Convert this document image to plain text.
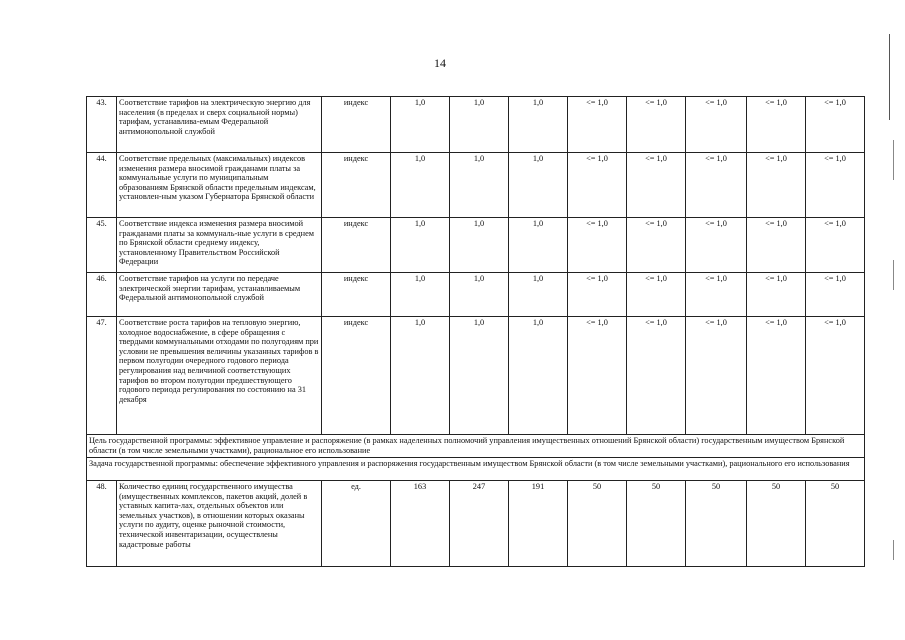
14
43.	Соответствие тарифов на электрическую энергию для населения (в пределах и сверх социальной нормы) тарифам, устанавлива-емым Федеральной антимонопольной службой	индекс	1,0	1,0	1,0	<= 1,0	<= 1,0	<= 1,0	<= 1,0	<= 1,0
44.	Соответствие предельных (максимальных) индексов изменения размера вносимой гражданами платы за коммунальные услуги по муниципальным образованиям Брянской области предельным индексам, установлен-ным указом Губернатора Брянской области	индекс	1,0	1,0	1,0	<= 1,0	<= 1,0	<= 1,0	<= 1,0	<= 1,0
45.	Соответствие индекса изменения размера вносимой гражданами платы за коммуналь-ные услуги в среднем по Брянской области среднему индексу, установленному Правительством Российской Федерации	индекс	1,0	1,0	1,0	<= 1,0	<= 1,0	<= 1,0	<= 1,0	<= 1,0
46.	Соответствие тарифов на услуги по передаче электрической энергии тарифам, устанавливаемым Федеральной антимонопольной службой	индекс	1,0	1,0	1,0	<= 1,0	<= 1,0	<= 1,0	<= 1,0	<= 1,0
47.	Соответствие роста тарифов на тепловую энергию, холодное водоснабжение, в сфере обращения с твердыми коммунальными отходами по полугодиям при условии не превышения величины указанных тарифов в первом полугодии очередного годового периода регулирования над величиной соответствующих тарифов во втором полугодии предшествующего годового периода регулирования по состоянию на 31 декабря	индекс	1,0	1,0	1,0	<= 1,0	<= 1,0	<= 1,0	<= 1,0	<= 1,0
Цель государственной программы: эффективное управление и распоряжение (в рамках наделенных полномочий управления имущественных отношений Брянской области) государственным имуществом Брянской области (в том числе земельными участками), рациональное его использование										
Задача государственной программы: обеспечение эффективного управления и распоряжения государственным имуществом Брянской области (в том числе земельными участками), рационального его использования										
48.	Количество единиц государственного имущества (имущественных комплексов, пакетов акций, долей в уставных капита-лах, отдельных объектов или земельных участков), в отношении которых оказаны услуги по аудиту, оценке рыночной стоимости, технической инвентаризации, осуществлены кадастровые работы	ед.	163	247	191	50	50	50	50	50
